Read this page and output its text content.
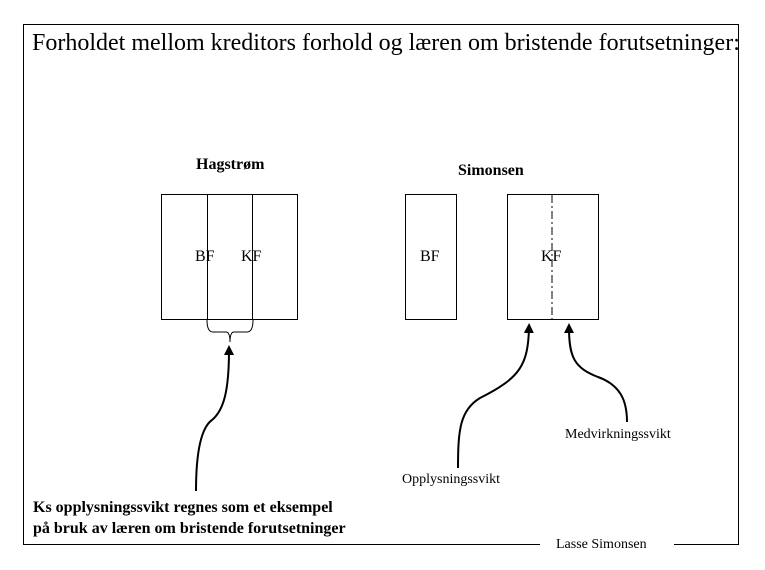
Forholdet mellom kreditors forhold og læren om bristende forutsetninger:
Hagstrøm
BF KF
Ks opplysningssvikt regnes som et eksempel
på bruk av læren om bristende forutsetninger
Simonsen
BF	KF
Medvirkningssvikt
Opplysningssvikt
Lasse Simonsen
